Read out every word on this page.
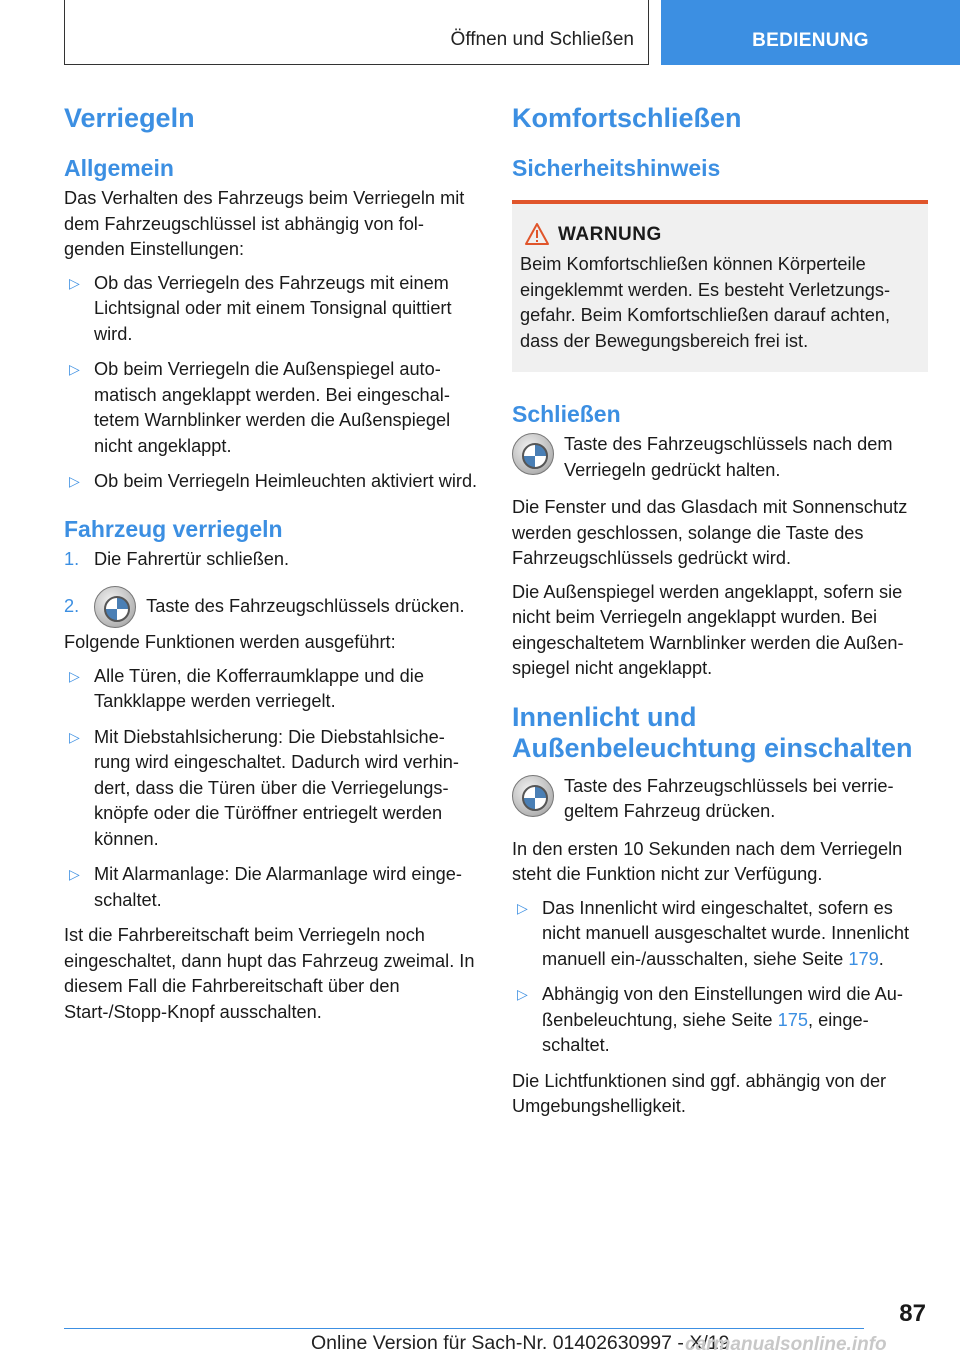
Öffnen und Schließen	BEDIENUNG
Verriegeln
Allgemein

Das Verhalten des Fahrzeugs beim Verriegeln mit dem Fahrzeugschlüssel ist abhängig von fol-genden Einstellungen:

▷ Ob das Verriegeln des Fahrzeugs mit einem Lichtsignal oder mit einem Tonsignal quittiert wird.
▷ Ob beim Verriegeln die Außenspiegel auto-matisch angeklappt werden. Bei eingeschal-tetem Warnblinker werden die Außenspiegel nicht angeklappt.
▷ Ob beim Verriegeln Heimleuchten aktiviert wird.
Fahrzeug verriegeln
1. Die Fahrertür schließen.
2.	Taste des Fahrzeugschlüssels drücken.

Folgende Funktionen werden ausgeführt:

▷ Alle Türen, die Kofferraumklappe und die Tankklappe werden verriegelt.
▷ Mit Diebstahlsicherung: Die Diebstahlsiche-rung wird eingeschaltet. Dadurch wird verhin-dert, dass die Türen über die Verriegelungs-knöpfe oder die Türöffner entriegelt werden können.
▷ Mit Alarmanlage: Die Alarmanlage wird einge-schaltet.

Ist die Fahrbereitschaft beim Verriegeln noch eingeschaltet, dann hupt das Fahrzeug zweimal. In diesem Fall die Fahrbereitschaft über den Start-/Stopp-Knopf ausschalten.

Komfortschließen
Sicherheitshinweis
WARNUNG

Beim Komfortschließen können Körperteile eingeklemmt werden. Es besteht Verletzungs-gefahr. Beim Komfortschließen darauf achten, dass der Bewegungsbereich frei ist.

Schließen

Taste des Fahrzeugschlüssels nach dem Verriegeln gedrückt halten.

Die Fenster und das Glasdach mit Sonnenschutz werden geschlossen, solange die Taste des Fahrzeugschlüssels gedrückt wird.

Die Außenspiegel werden angeklappt, sofern sie nicht beim Verriegeln angeklappt wurden. Bei eingeschaltetem Warnblinker werden die Außen-spiegel nicht angeklappt.

Innenlicht und Außenbeleuchtung einschalten

Taste des Fahrzeugschlüssels bei verrie-geltem Fahrzeug drücken.

In den ersten 10 Sekunden nach dem Verriegeln steht die Funktion nicht zur Verfügung.

▷ Das Innenlicht wird eingeschaltet, sofern es nicht manuell ausgeschaltet wurde. Innenlicht manuell ein-/ausschalten, siehe Seite 179.
▷ Abhängig von den Einstellungen wird die Au-ßenbeleuchtung, siehe Seite 175, einge-schaltet.

Die Lichtfunktionen sind ggf. abhängig von der Umgebungshelligkeit.

87
Online Version für Sach-Nr. 01402630997 - X/19
carmanualsonline.info
